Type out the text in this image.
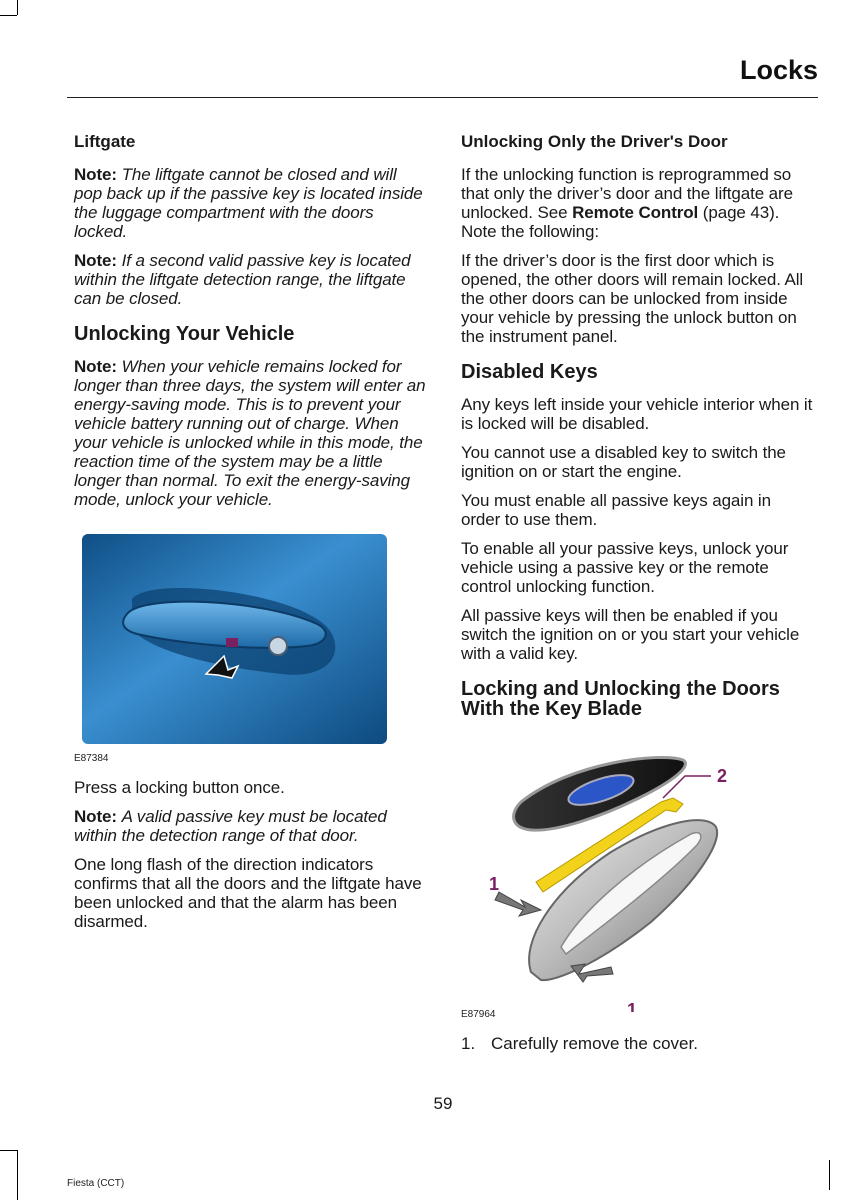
Locks
Liftgate

Note: The liftgate cannot be closed and will pop back up if the passive key is located inside the luggage compartment with the doors locked.

Note: If a second valid passive key is located within the liftgate detection range, the liftgate can be closed.

Unlocking Your Vehicle

Note: When your vehicle remains locked for longer than three days, the system will enter an energy-saving mode. This is to prevent your vehicle battery running out of charge. When your vehicle is unlocked while in this mode, the reaction time of the system may be a little longer than normal. To exit the energy-saving mode, unlock your vehicle.

E87384

Press a locking button once.

Note: A valid passive key must be located within the detection range of that door.

One long flash of the direction indicators confirms that all the doors and the liftgate have been unlocked and that the alarm has been disarmed.

Unlocking Only the Driver's Door

If the unlocking function is reprogrammed so that only the driver’s door and the liftgate are unlocked. See Remote Control (page 43). Note the following:

If the driver’s door is the first door which is opened, the other doors will remain locked. All the other doors can be unlocked from inside your vehicle by pressing the unlock button on the instrument panel.

Disabled Keys

Any keys left inside your vehicle interior when it is locked will be disabled.

You cannot use a disabled key to switch the ignition on or start the engine.

You must enable all passive keys again in order to use them.

To enable all your passive keys, unlock your vehicle using a passive key or the remote control unlocking function.

All passive keys will then be enabled if you switch the ignition on or you start your vehicle with a valid key.

Locking and Unlocking the Doors With the Key Blade
2
1
1
E87964
1. Carefully remove the cover.
59
Fiesta (CCT)
